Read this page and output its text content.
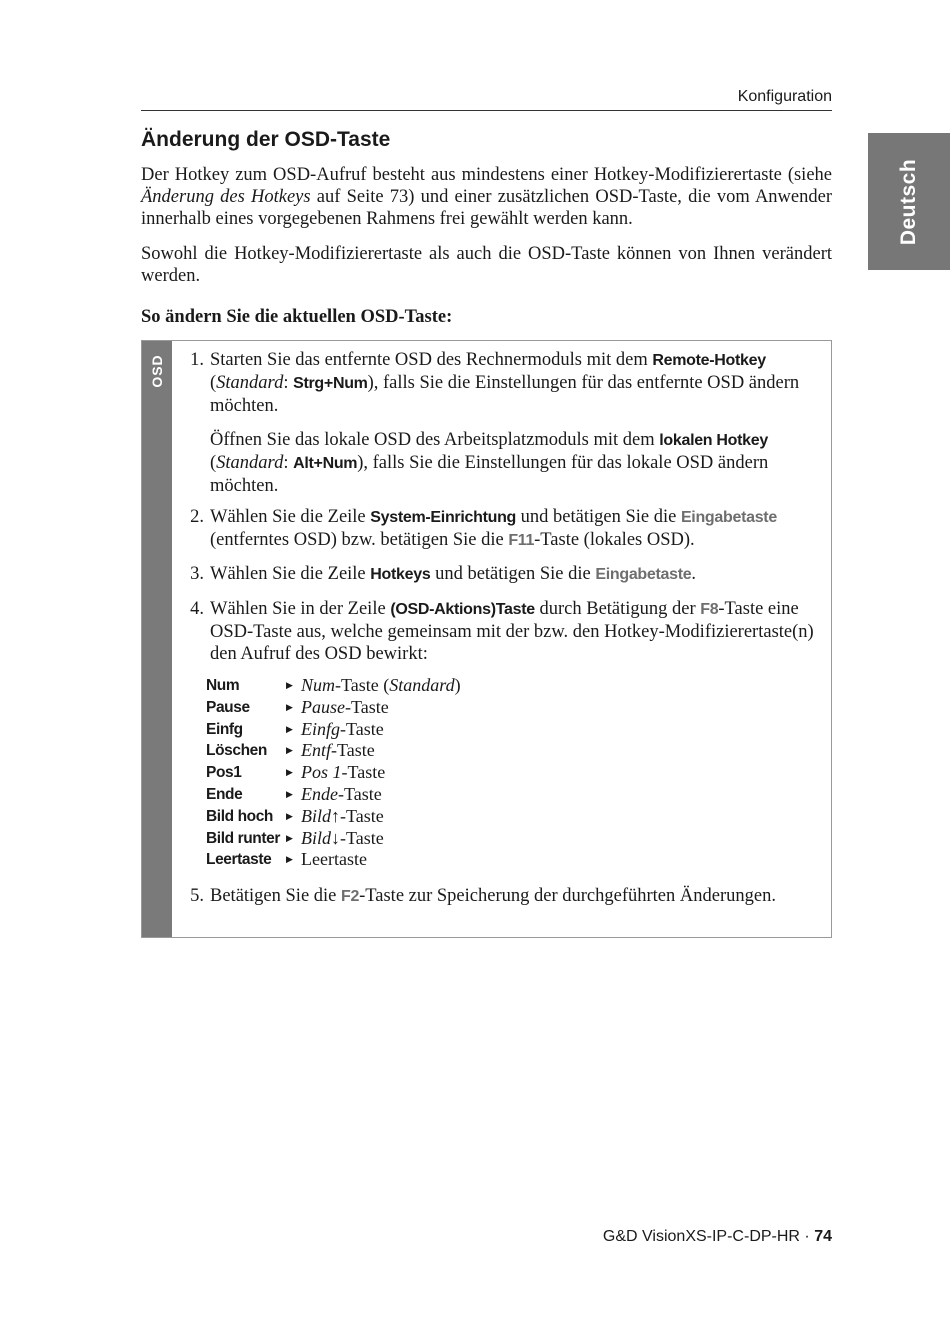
Konfiguration
Deutsch
Änderung der OSD-Taste

Der Hotkey zum OSD-Aufruf besteht aus mindestens einer Hotkey-Modifizierertaste (siehe Änderung des Hotkeys auf Seite 73) und einer zusätzlichen OSD-Taste, die vom Anwender innerhalb eines vorgegebenen Rahmens frei gewählt werden kann.

Sowohl die Hotkey-Modifizierertaste als auch die OSD-Taste können von Ihnen verändert werden.

So ändern Sie die aktuellen OSD-Taste:

OSD	1. Starten Sie das entfernte OSD des Rechnermoduls mit dem Remote-Hotkey (Standard: Strg+Num), falls Sie die Einstellungen für das entfernte OSD ändern möchten.
Öffnen Sie das lokale OSD des Arbeitsplatzmoduls mit dem lokalen Hotkey (Standard: Alt+Num), falls Sie die Einstellungen für das lokale OSD ändern möchten.
2. Wählen Sie die Zeile System-Einrichtung und betätigen Sie die Eingabetaste (entferntes OSD) bzw. betätigen Sie die F11-Taste (lokales OSD).
3. Wählen Sie die Zeile Hotkeys und betätigen Sie die Eingabetaste.
4. Wählen Sie in der Zeile (OSD-Aktions)Taste durch Betätigung der F8-Taste eine OSD-Taste aus, welche gemeinsam mit der bzw. den Hotkey-Modifizierertaste(n) den Aufruf des OSD bewirkt:
Num	▶ Num-Taste (Standard)
Pause	▶ Pause-Taste
Einfg	▶ Einfg-Taste
Löschen ▶ Entf-Taste
Pos1	▶ Pos 1-Taste
Ende	▶ Ende-Taste
Bild hoch ▶ Bild↑-Taste
Bild runter ▶ Bild↓-Taste
Leertaste ▶ Leertaste
5. Betätigen Sie die F2-Taste zur Speicherung der durchgeführten Änderungen.
G&D VisionXS-IP-C-DP-HR · 74
